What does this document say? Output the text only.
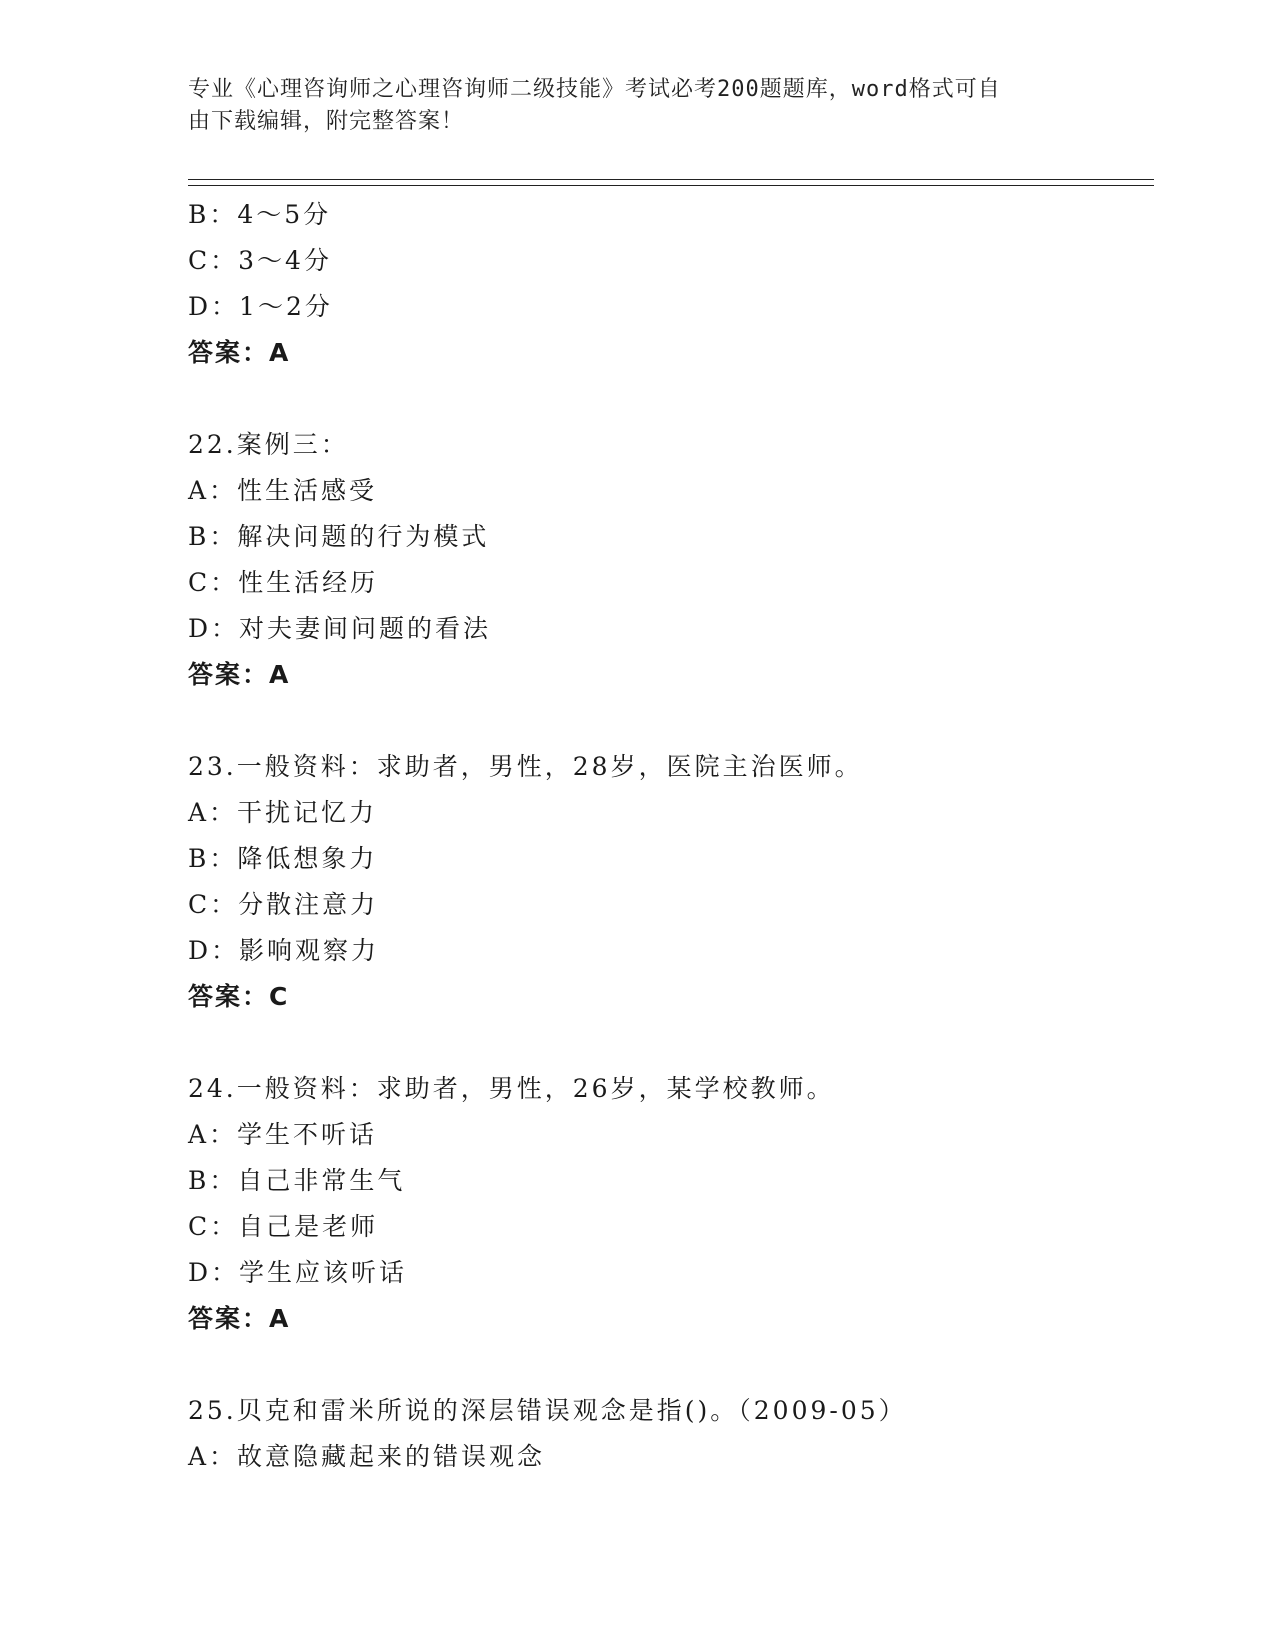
专业《心理咨询师之心理咨询师二级技能》考试必考200题题库，word格式可自
由下载编辑，附完整答案！
B：4～5分
C：3～4分
D：1～2分
答案：A
22.案例三：
A：性生活感受
B：解决问题的行为模式
C：性生活经历
D：对夫妻间问题的看法
答案：A
23.一般资料：求助者，男性，28岁，医院主治医师。
A：干扰记忆力
B：降低想象力
C：分散注意力
D：影响观察力
答案：C
24.一般资料：求助者，男性，26岁，某学校教师。
A：学生不听话
B：自己非常生气
C：自己是老师
D：学生应该听话
答案：A
25.贝克和雷米所说的深层错误观念是指()。（2009-05）
A：故意隐藏起来的错误观念
